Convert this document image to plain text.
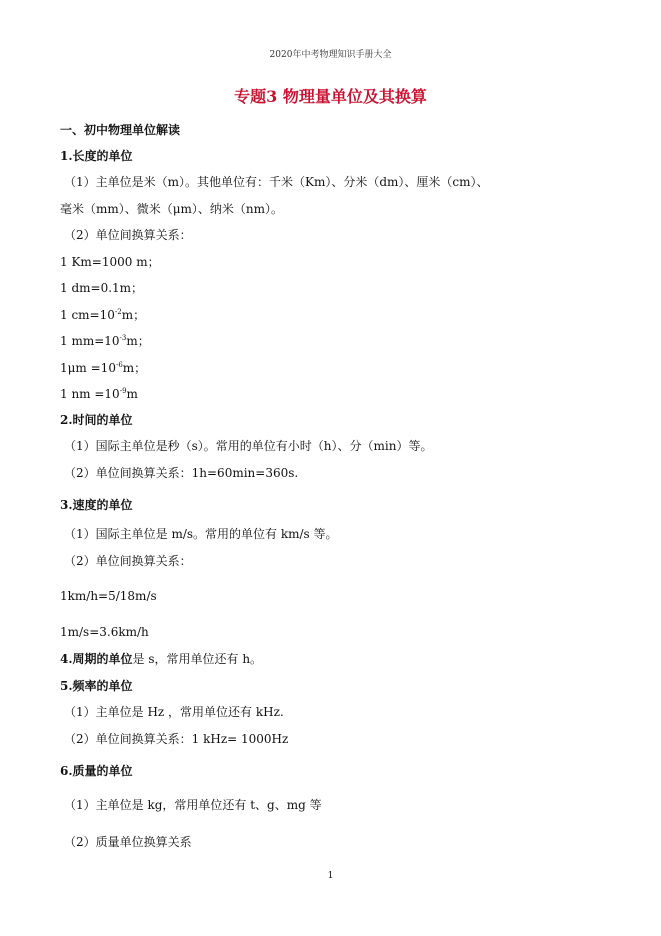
2020年中考物理知识手册大全
专题3 物理量单位及其换算
一、初中物理单位解读
1.长度的单位
（1）主单位是米（m）。其他单位有：千米（Km）、分米（dm）、厘米（cm）、
毫米（mm）、微米（μm）、纳米（nm）。
（2）单位间换算关系：
1 Km=1000 m；
1 dm=0.1m；
1 $cm=10^{-2}m$；
1 $mm=10^{-3}m$；
$1\mu m =10^{-6}m$；
1 nm $=10^{-9}m$
2.时间的单位
（1）国际主单位是秒（s）。常用的单位有小时（h）、分（min）等。
（2）单位间换算关系：1h=60min=360s.
3.速度的单位
（1）国际主单位是 m/s。常用的单位有 km/s 等。
（2）单位间换算关系：
1km/h=5/18m/s
1m/s=3.6km/h
4.周期的单位是 s，常用单位还有 h。
5.频率的单位
（1）主单位是 Hz ，常用单位还有 kHz.
（2）单位间换算关系：1 kHz= 1000Hz
6.质量的单位
（1）主单位是 kg，常用单位还有 t、g、mg 等
（2）质量单位换算关系
1
